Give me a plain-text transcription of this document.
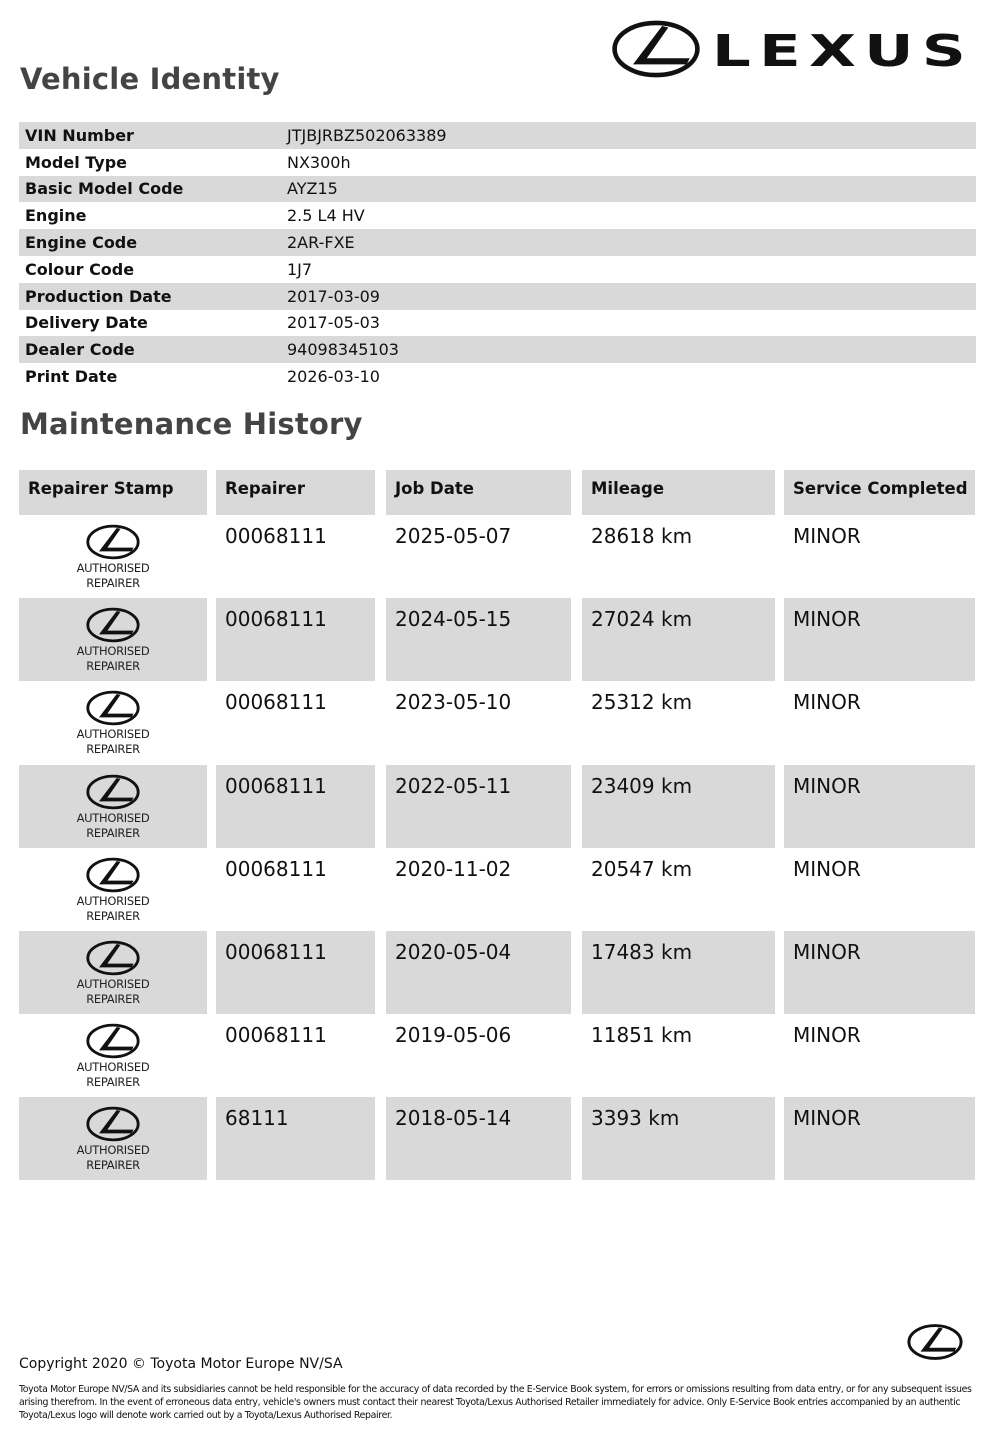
LEXUS
Vehicle Identity
VIN Number	JTJBJRBZ502063389
Model Type	NX300h
Basic Model Code	AYZ15
Engine	2.5 L4 HV
Engine Code	2AR-FXE
Colour Code	1J7
Production Date	2017-03-09
Delivery Date	2017-05-03
Dealer Code	94098345103
Print Date	2026-03-10
Maintenance History
Repairer Stamp	Repairer	Job Date	Mileage	Service Completed
AUTHORISED
REPAIRER
00068111	2025-05-07	28618 km	MINOR
AUTHORISED
REPAIRER
00068111	2024-05-15	27024 km	MINOR
AUTHORISED
REPAIRER
00068111	2023-05-10	25312 km	MINOR
AUTHORISED
REPAIRER
00068111	2022-05-11	23409 km	MINOR
AUTHORISED
REPAIRER
00068111	2020-11-02	20547 km	MINOR
AUTHORISED
REPAIRER
00068111	2020-05-04	17483 km	MINOR
AUTHORISED
REPAIRER
00068111	2019-05-06	11851 km	MINOR
AUTHORISED
REPAIRER
68111	2018-05-14	3393 km	MINOR
Copyright 2020 © Toyota Motor Europe NV/SA
Toyota Motor Europe NV/SA and its subsidiaries cannot be held responsible for the accuracy of data recorded by the E-Service Book system, for errors or omissions resulting from data entry, or for any subsequent issues arising therefrom. In the event of erroneous data entry, vehicle's owners must contact their nearest Toyota/Lexus Authorised Retailer immediately for advice. Only E-Service Book entries accompanied by an authentic Toyota/Lexus logo will denote work carried out by a Toyota/Lexus Authorised Repairer.
